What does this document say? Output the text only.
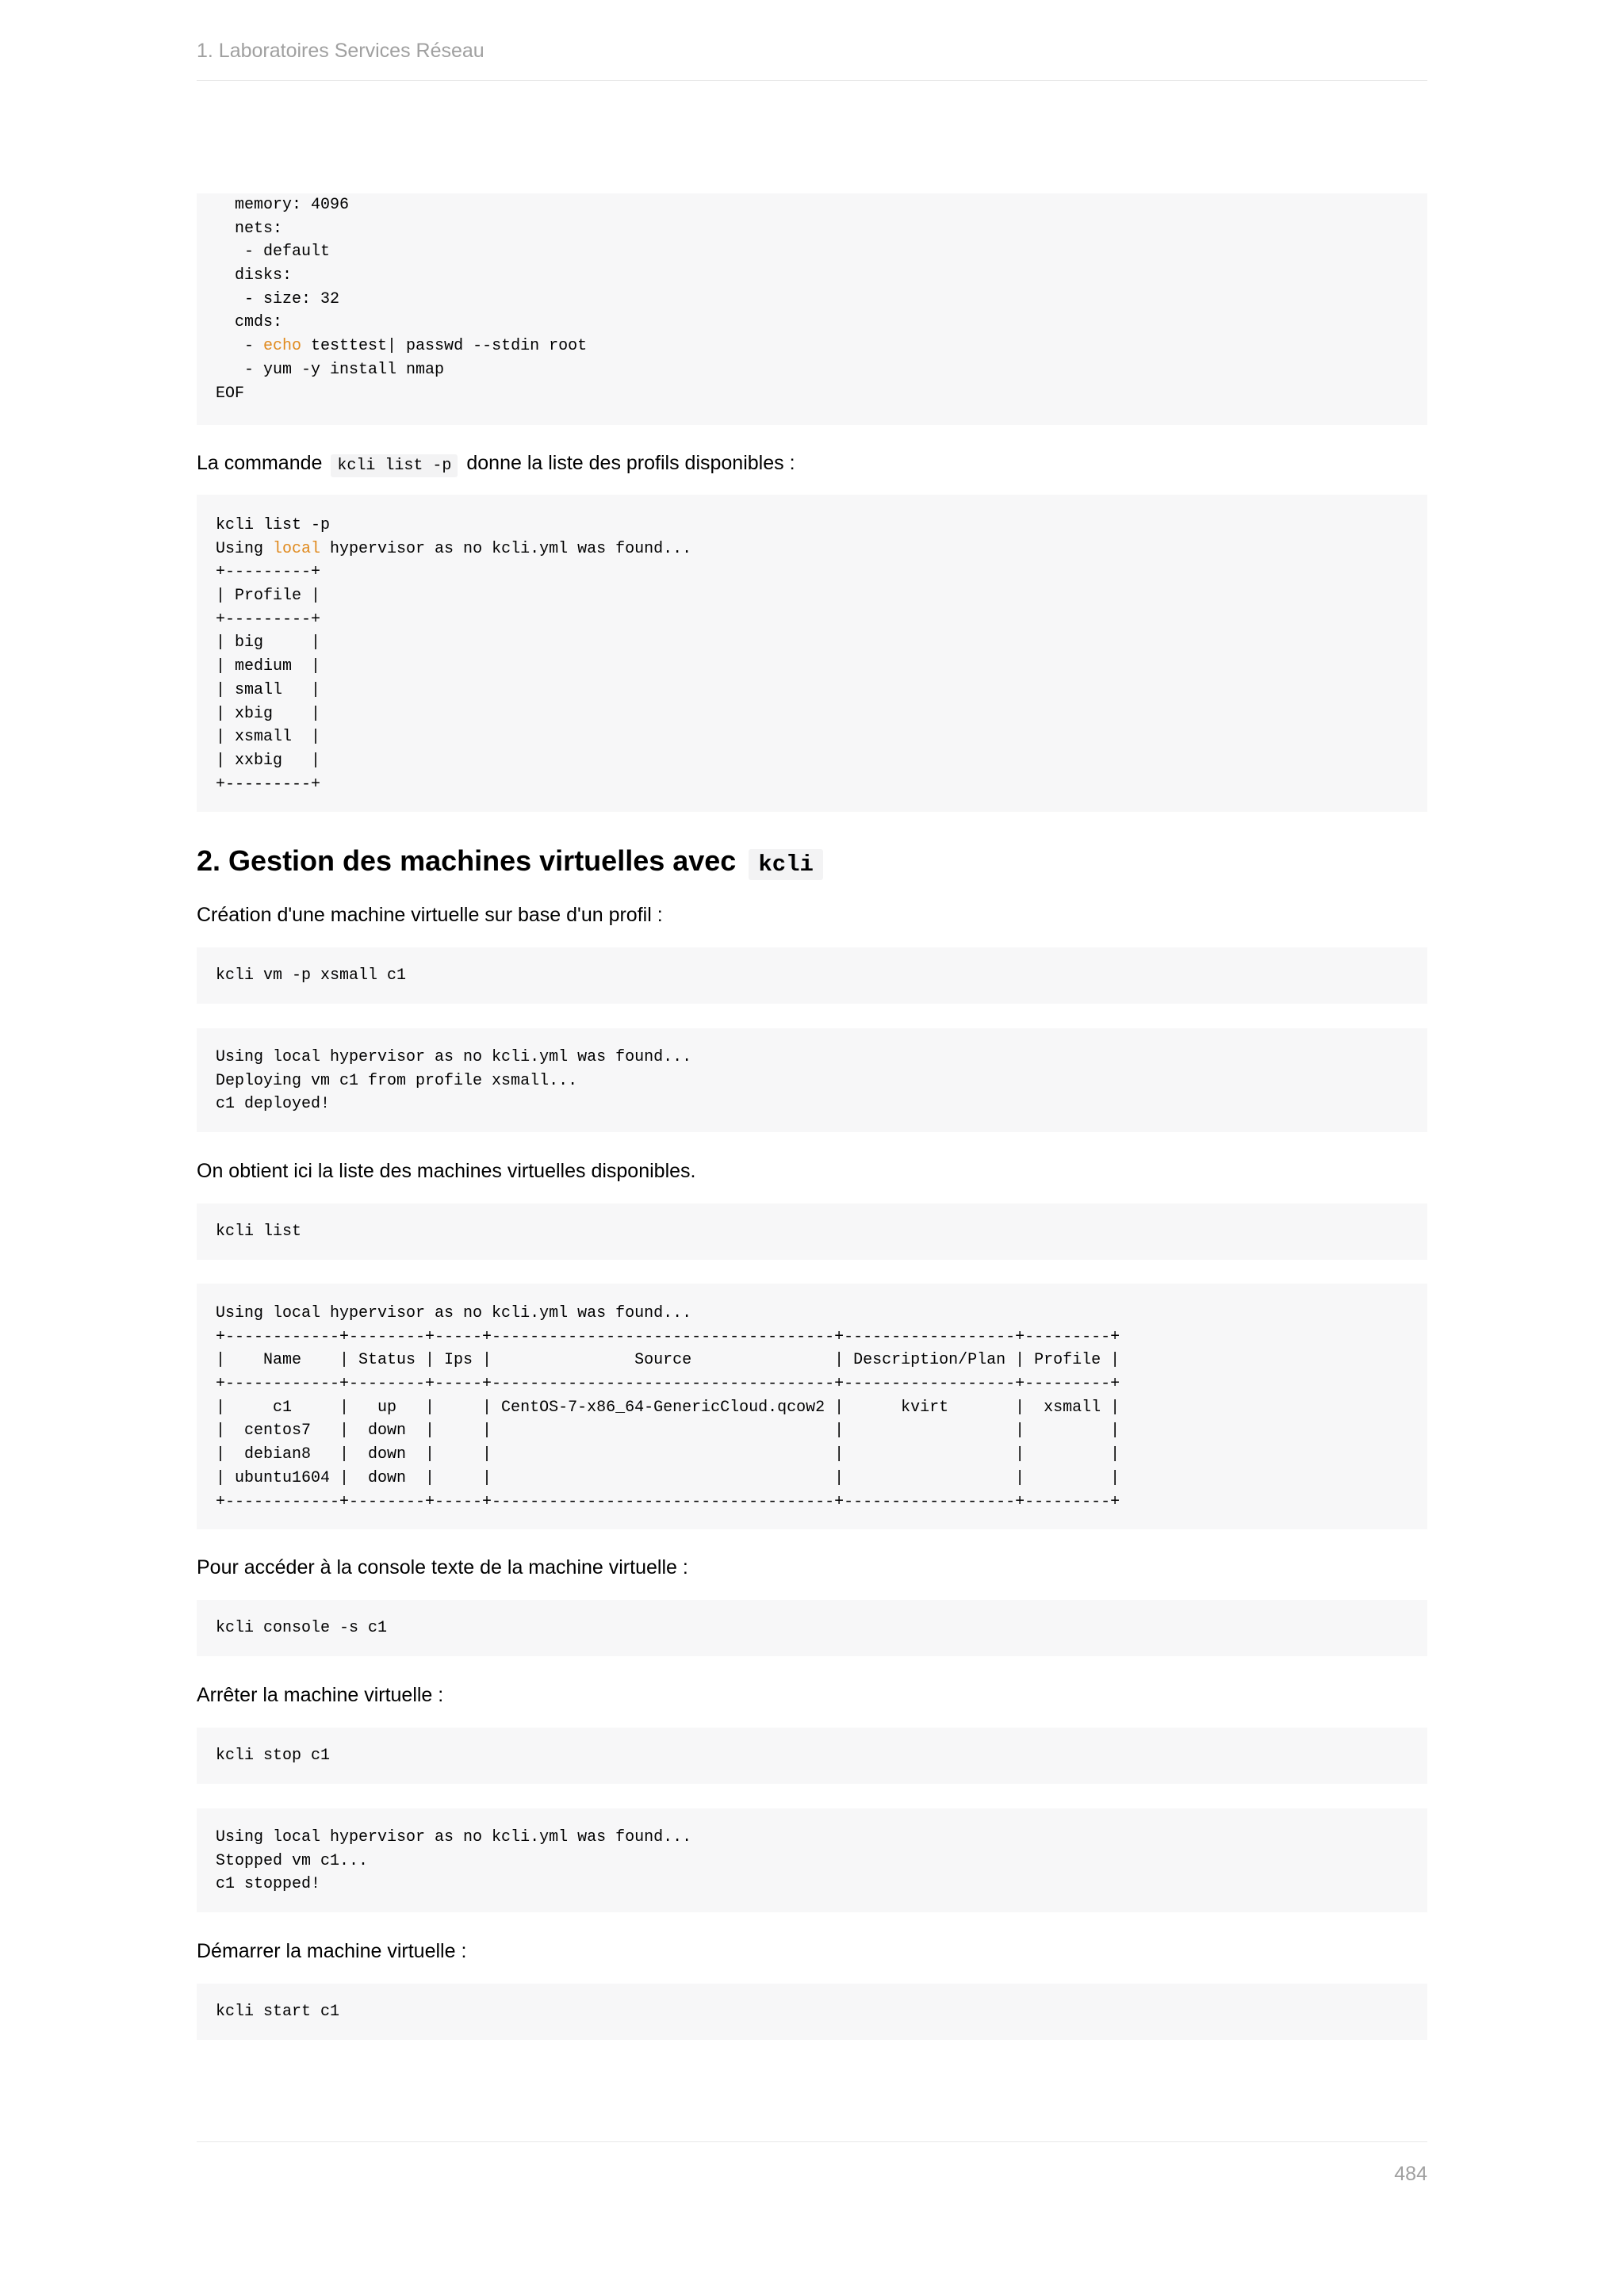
1. Laboratoires Services Réseau
memory: 4096
nets:
- default
disks:
- size: 32
cmds:
- echo testtest| passwd --stdin root
- yum -y install nmap
EOF
La commande kcli list -p donne la liste des profils disponibles :
kcli list -p
Using local hypervisor as no kcli.yml was found...
+---------+
| Profile |
+---------+
| big     |
| medium  |
| small   |
| xbig    |
| xsmall  |
| xxbig   |
+---------+
2. Gestion des machines virtuelles avec kcli
Création d'une machine virtuelle sur base d'un profil :
kcli vm -p xsmall c1
Using local hypervisor as no kcli.yml was found...
Deploying vm c1 from profile xsmall...
c1 deployed!
On obtient ici la liste des machines virtuelles disponibles.
kcli list
Using local hypervisor as no kcli.yml was found...
+------------+--------+-----+------------------------------------+------------------+---------+
|    Name    | Status | Ips |               Source               | Description/Plan | Profile |
+------------+--------+-----+------------------------------------+------------------+---------+
|     c1     |   up   |     | CentOS-7-x86_64-GenericCloud.qcow2 |      kvirt       |  xsmall |
|  centos7   |  down  |     |                                    |                  |         |
|  debian8   |  down  |     |                                    |                  |         |
| ubuntu1604 |  down  |     |                                    |                  |         |
+------------+--------+-----+------------------------------------+------------------+---------+
Pour accéder à la console texte de la machine virtuelle :
kcli console -s c1
Arrêter la machine virtuelle :
kcli stop c1
Using local hypervisor as no kcli.yml was found...
Stopped vm c1...
c1 stopped!
Démarrer la machine virtuelle :
kcli start c1
484
